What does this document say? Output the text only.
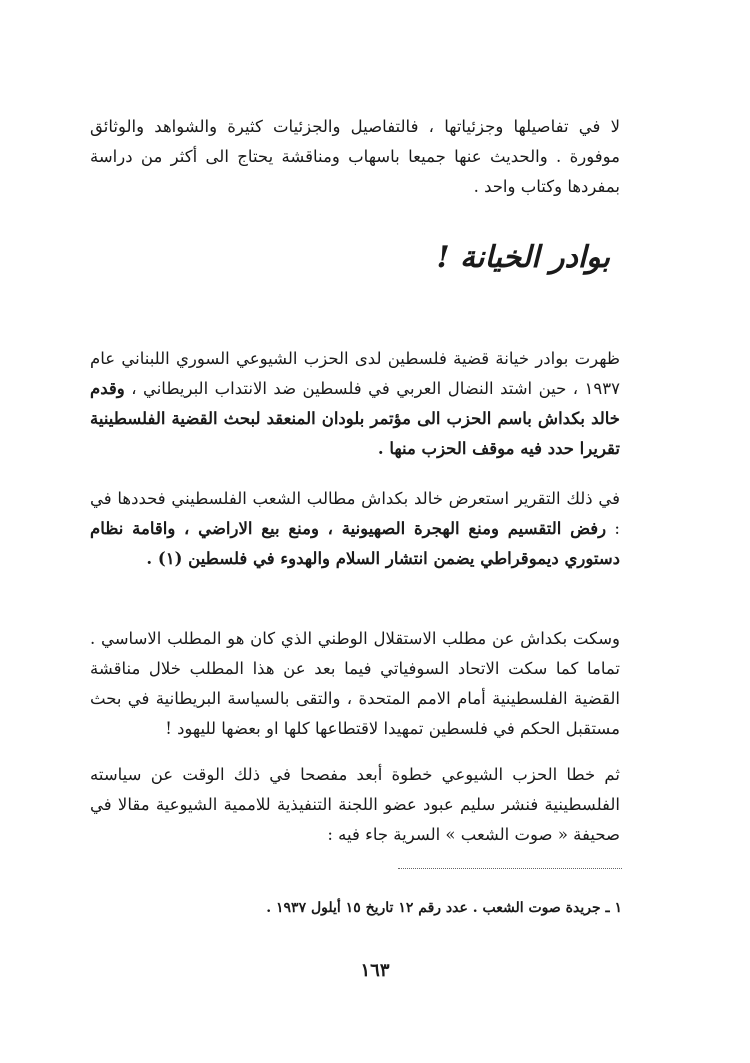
لا في تفاصيلها وجزئياتها ، فالتفاصيل والجزئيات كثيرة والشواهد والوثائق موفورة . والحديث عنها جميعا باسهاب ومناقشة يحتاج الى أكثر من دراسة بمفردها وكتاب واحد .

بوادر الخيانة !

ظهرت بوادر خيانة قضية فلسطين لدى الحزب الشيوعي السوري اللبناني عام ١٩٣٧ ، حين اشتد النضال العربي في فلسطين ضد الانتداب البريطاني ، وقدم خالد بكداش باسم الحزب الى مؤتمر بلودان المنعقد لبحث القضية الفلسطينية تقريرا حدد فيه موقف الحزب منها .

في ذلك التقرير استعرض خالد بكداش مطالب الشعب الفلسطيني فحددها في : رفض التقسيم ومنع الهجرة الصهيونية ، ومنع بيع الاراضي ، واقامة نظام دستوري ديموقراطي يضمن انتشار السلام والهدوء في فلسطين (١) .

وسكت بكداش عن مطلب الاستقلال الوطني الذي كان هو المطلب الاساسي . تماما كما سكت الاتحاد السوفياتي فيما بعد عن هذا المطلب خلال مناقشة القضية الفلسطينية أمام الامم المتحدة ، والتقى بالسياسة البريطانية في بحث مستقبل الحكم في فلسطين تمهيدا لاقتطاعها كلها او بعضها لليهود !

ثم خطا الحزب الشيوعي خطوة أبعد مفصحا في ذلك الوقت عن سياسته الفلسطينية فنشر سليم عبود عضو اللجنة التنفيذية للاممية الشيوعية مقالا في صحيفة « صوت الشعب » السرية جاء فيه :

١ ـ جريدة صوت الشعب . عدد رقم ١٢ تاريخ ١٥ أيلول ١٩٣٧ .
١٦٣
